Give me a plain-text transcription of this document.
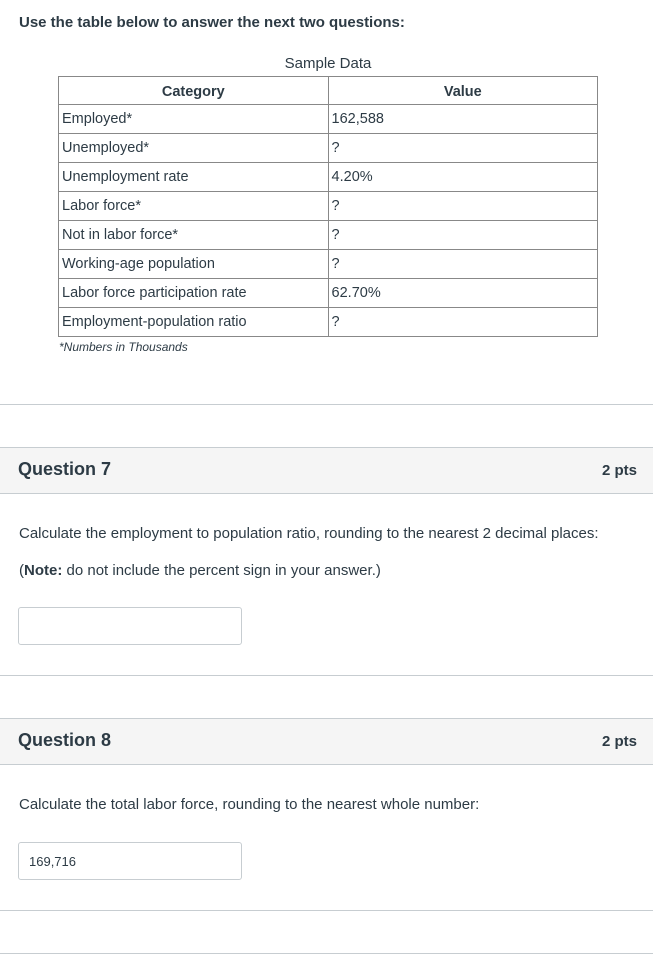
Use the table below to answer the next two questions:
Sample Data
Category	Value
Employed*	162,588
Unemployed*	?
Unemployment rate	4.20%
Labor force*	?
Not in labor force*	?
Working-age population	?
Labor force participation rate	62.70%
Employment-population ratio	?
*Numbers in Thousands
Question 7	2 pts
Calculate the employment to population ratio, rounding to the nearest 2 decimal places:
(Note: do not include the percent sign in your answer.)
Question 8	2 pts
Calculate the total labor force, rounding to the nearest whole number:
169,716
